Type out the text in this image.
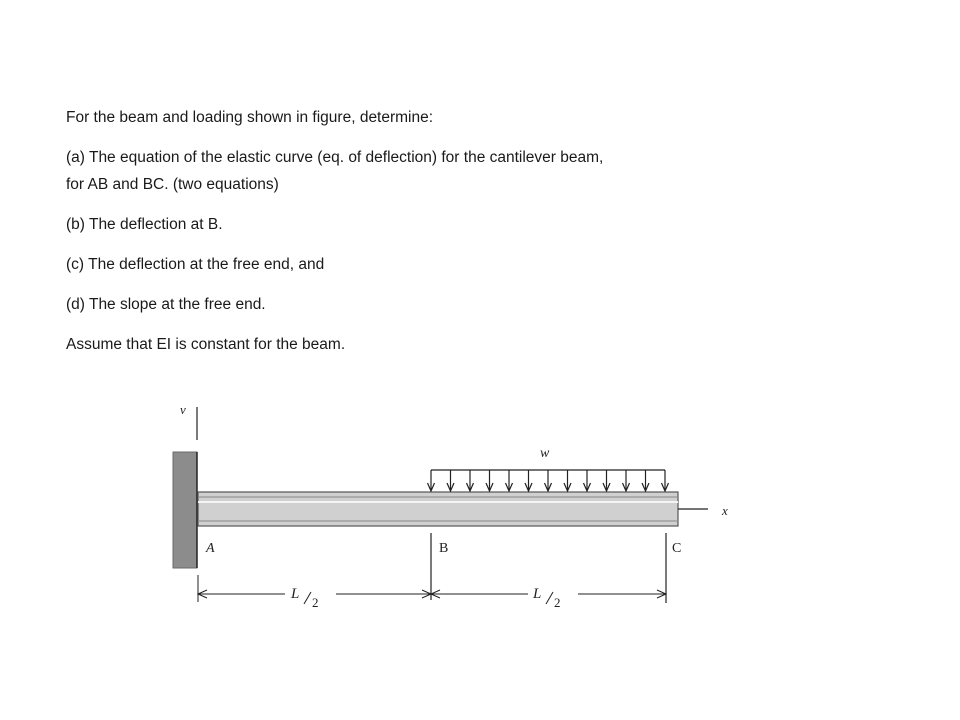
For the beam and loading shown in figure, determine:

(a) The equation of the elastic curve (eq. of deflection) for the cantilever beam,

for AB and BC. (two equations)

(b) The deflection at B.

(c) The deflection at the free end, and

(d) The slope at the free end.

Assume that EI is constant for the beam.

v
x
w
A	B	C
L
2
L
2
